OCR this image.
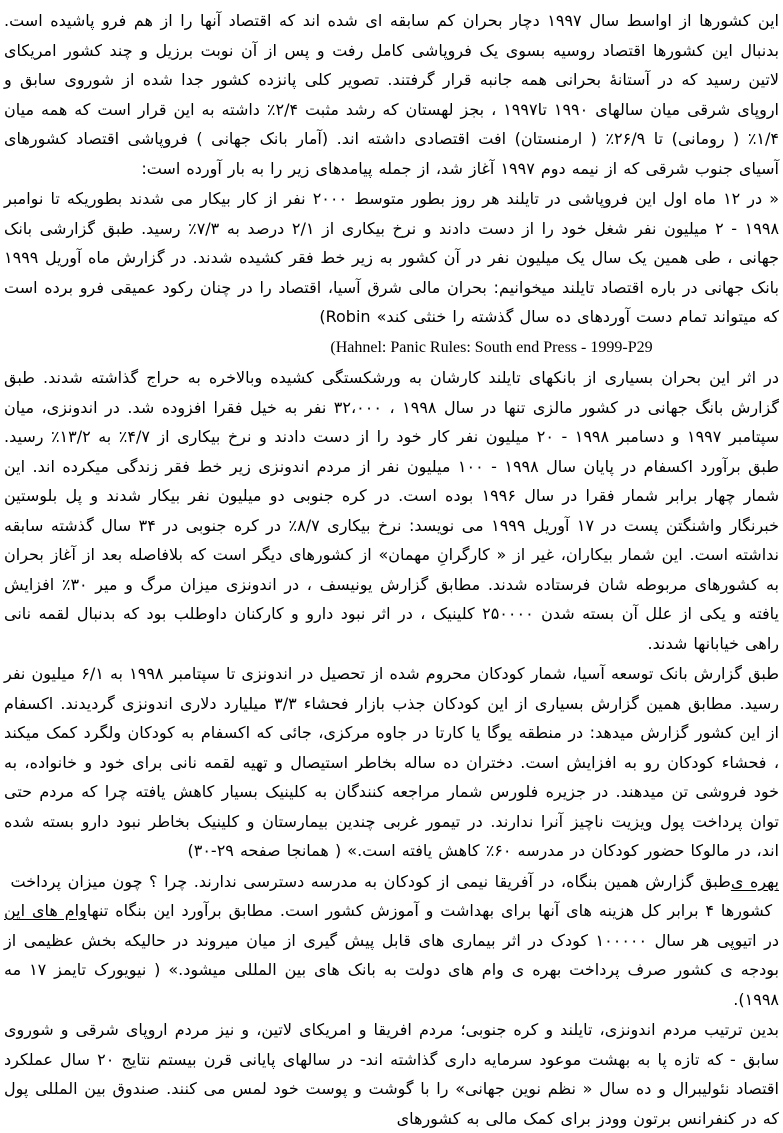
این کشورها از اواسط سال ۱۹۹۷ دچار بحران کم سابقه ای شده اند که اقتصاد آنها را از هم فرو پاشیده است. بدنبال این کشورها اقتصاد روسیه بسوی یک فروپاشی کامل رفت و پس از آن نوبت برزیل و چند کشور امریکای لاتین رسید که در آستانهٔ بحرانی همه جانبه قرار گرفتند. تصویر کلی پانزده کشور جدا شده از شوروی سابق و اروپای شرقی میان سالهای ۱۹۹۰ تا۱۹۹۷ ، بجز لهستان که رشد مثبت ۲/۴٪ داشته به این قرار است که همه میان ۱/۴٪ ( رومانی) تا ۲۶/۹٪ ( ارمنستان) افت اقتصادی داشته اند. (آمار بانک جهانی ) فروپاشی اقتصاد کشورهای آسیای جنوب شرقی که از نیمه دوم ۱۹۹۷ آغاز شد، از جمله پیامدهای زیر را به بار آورده است:

« در ۱۲ ماه اول این فروپاشی در تایلند هر روز بطور متوسط ۲۰۰۰ نفر از کار بیکار می شدند بطوریکه تا نوامبر ۱۹۹۸ - ۲ میلیون نفر شغل خود را از دست دادند و نرخ بیکاری از ۲/۱ درصد به ۷/۳٪ رسید. طبق گزارشی بانک جهانی ، طی همین یک سال یک میلیون نفر در آن کشور به زیر خط فقر کشیده شدند. در گزارش ماه آوریل ۱۹۹۹ بانک جهانی در باره اقتصاد تایلند میخوانیم: بحران مالی شرق آسیا، اقتصاد را در چنان رکود عمیقی فرو برده است که میتواند تمام دست آوردهای ده سال گذشته را خنثی کند» ‎(Robin

(Hahnel: Panic Rules: South end Press - 1999-P29

در اثر این بحران بسیاری از بانکهای تایلند کارشان به ورشکستگی کشیده وبالاخره به حراج گذاشته شدند. طبق گزارش بانگ جهانی در کشور مالزی تنها در سال ۱۹۹۸ ، ۳۲،۰۰۰ نفر به خیل فقرا افزوده شد. در اندونزی، میان سپتامبر ۱۹۹۷ و دسامبر ۱۹۹۸ - ۲۰ میلیون نفر کار خود را از دست دادند و نرخ بیکاری از ۴/۷٪ به ۱۳/۲٪ رسید. طبق برآورد اکسفام در پایان سال ۱۹۹۸ - ۱۰۰ میلیون نفر از مردم اندونزی زیر خط فقر زندگی میکرده اند. این شمار چهار برابر شمار فقرا در سال ۱۹۹۶ بوده است. در کره جنوبی دو میلیون نفر بیکار شدند و پل بلوستین خبرنگار واشنگتن پست در ۱۷ آوریل ۱۹۹۹ می نویسد: نرخ بیکاری ۸/۷٪ در کره جنوبی در ۳۴ سال گذشته سابقه نداشته است. این شمار بیکاران، غیر از « کارگرانِ مهمان» از کشورهای دیگر است که بلافاصله بعد از آغاز بحران به کشورهای مربوطه شان فرستاده شدند. مطابق گزارش یونیسف ، در اندونزی میزان مرگ و میر ۳۰٪ افزایش یافته و یکی از علل آن بسته شدن ۲۵۰۰۰۰ کلینیک ، در اثر نبود دارو و کارکنان داوطلب بود که بدنبال لقمه نانی راهی خیابانها شدند.

طبق گزارش بانک توسعه آسیا، شمار کودکان محروم شده از تحصیل در اندونزی تا سپتامبر ۱۹۹۸ به ۶/۱ میلیون نفر رسید. مطابق همین گزارش بسیاری از این کودکان جذب بازار فحشاء ۳/۳ میلیارد دلاری اندونزی گردیدند. اکسفام از این کشور گزارش میدهد: در منطقه یوگا یا کارتا در جاوه مرکزی، جائی که اکسفام به کودکان ولگرد کمک میکند ، فحشاء کودکان رو به افزایش است. دختران ده ساله بخاطر استیصال و تهیه لقمه نانی برای خود و خانواده، به خود فروشی تن میدهند. در جزیره فلورس شمار مراجعه کنندگان به کلینیک بسیار کاهش یافته چرا که مردم حتی توان پرداخت پول ویزیت ناچیز آنرا ندارند. در تیمور غربی چندین بیمارستان و کلینیک بخاطر نبود دارو بسته شده اند، در مالوکا حضور کودکان در مدرسه ۶۰٪ کاهش یافته است.» ( همانجا صفحه ۲۹-۳۰)

طبق گزارش همین بنگاه، در آفریقا نیمی از کودکان به مدرسه دسترسی ندارند. چرا ؟ چون میزان پرداخت بهره ی وام های این کشورها ۴ برابر کل هزینه های آنها برای بهداشت و آموزش کشور است. مطابق برآورد این بنگاه تنها در اتیوپی هر سال ۱۰۰۰۰۰ کودک در اثر بیماری های قابل پیش گیری از میان میروند در حالیکه بخش عظیمی از بودجه ی کشور صرف پرداخت بهره ی وام های دولت به بانک های بین المللی میشود.» ( نیویورک تایمز ۱۷ مه ۱۹۹۸).

بدین ترتیب مردم اندونزی، تایلند و کره جنوبی؛ مردم افریقا و امریکای لاتین، و نیز مردم اروپای شرقی و شوروی سابق - که تازه پا به بهشت موعود سرمایه داری گذاشته اند- در سالهای پایانی قرن بیستم نتایج ۲۰ سال عملکرد اقتصاد نئولیبرال و ده سال « نظم نوین جهانی» را با گوشت و پوست خود لمس می کنند. صندوق بین المللی پول که در کنفرانس برتون وودز برای کمک مالی به کشورهای
